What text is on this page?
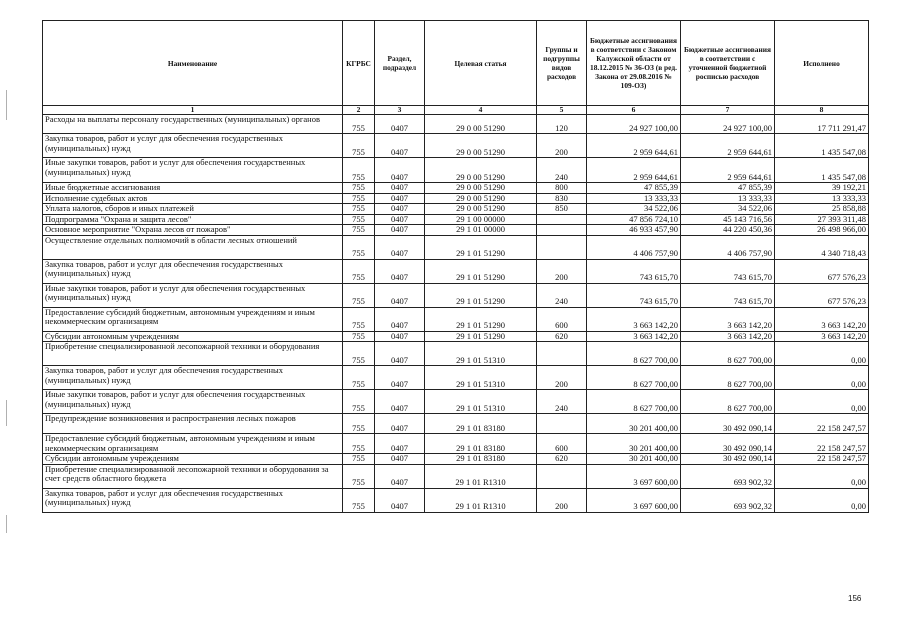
Наименование	КГРБС	Раздел, подраздел	Целевая статья	Группы и подгруппы видов расходов	Бюджетные ассигнования в соответствии с Законом Калужской области от 18.12.2015 № 36-ОЗ (в ред. Закона от 29.08.2016 № 109-ОЗ)	Бюджетные ассигнования в соответствии с уточненной бюджетной росписью расходов	Исполнено
1	2	3	4	5	6	7	8
Расходы на выплаты персоналу государственных (муниципальных) органов	755	0407	29 0 00 51290	120	24 927 100,00	24 927 100,00	17 711 291,47
Закупка товаров, работ и услуг для обеспечения государственных (муниципальных) нужд	755	0407	29 0 00 51290	200	2 959 644,61	2 959 644,61	1 435 547,08
Иные закупки товаров, работ и услуг для обеспечения государственных (муниципальных) нужд	755	0407	29 0 00 51290	240	2 959 644,61	2 959 644,61	1 435 547,08
Иные бюджетные ассигнования	755	0407	29 0 00 51290	800	47 855,39	47 855,39	39 192,21
Исполнение судебных актов	755	0407	29 0 00 51290	830	13 333,33	13 333,33	13 333,33
Уплата налогов, сборов и иных платежей	755	0407	29 0 00 51290	850	34 522,06	34 522,06	25 858,88
Подпрограмма "Охрана и защита лесов"	755	0407	29 1 00 00000		47 856 724,10	45 143 716,56	27 393 311,48
Основное мероприятие "Охрана лесов от пожаров"	755	0407	29 1 01 00000		46 933 457,90	44 220 450,36	26 498 966,00
Осуществление отдельных полномочий в области лесных отношений	755	0407	29 1 01 51290		4 406 757,90	4 406 757,90	4 340 718,43
Закупка товаров, работ и услуг для обеспечения государственных (муниципальных) нужд	755	0407	29 1 01 51290	200	743 615,70	743 615,70	677 576,23
Иные закупки товаров, работ и услуг для обеспечения государственных (муниципальных) нужд	755	0407	29 1 01 51290	240	743 615,70	743 615,70	677 576,23
Предоставление субсидий бюджетным, автономным учреждениям и иным некоммерческим организациям	755	0407	29 1 01 51290	600	3 663 142,20	3 663 142,20	3 663 142,20
Субсидии автономным учреждениям	755	0407	29 1 01 51290	620	3 663 142,20	3 663 142,20	3 663 142,20
Приобретение специализированной лесопожарной техники и оборудования	755	0407	29 1 01 51310		8 627 700,00	8 627 700,00	0,00
Закупка товаров, работ и услуг для обеспечения государственных (муниципальных) нужд	755	0407	29 1 01 51310	200	8 627 700,00	8 627 700,00	0,00
Иные закупки товаров, работ и услуг для обеспечения государственных (муниципальных) нужд	755	0407	29 1 01 51310	240	8 627 700,00	8 627 700,00	0,00
Предупреждение возникновения и распространения лесных пожаров	755	0407	29 1 01 83180		30 201 400,00	30 492 090,14	22 158 247,57
Предоставление субсидий бюджетным, автономным учреждениям и иным некоммерческим организациям	755	0407	29 1 01 83180	600	30 201 400,00	30 492 090,14	22 158 247,57
Субсидии автономным учреждениям	755	0407	29 1 01 83180	620	30 201 400,00	30 492 090,14	22 158 247,57
Приобретение специализированной лесопожарной техники и оборудования за счет средств областного бюджета	755	0407	29 1 01 R1310		3 697 600,00	693 902,32	0,00
Закупка товаров, работ и услуг для обеспечения государственных (муниципальных) нужд	755	0407	29 1 01 R1310	200	3 697 600,00	693 902,32	0,00
156
